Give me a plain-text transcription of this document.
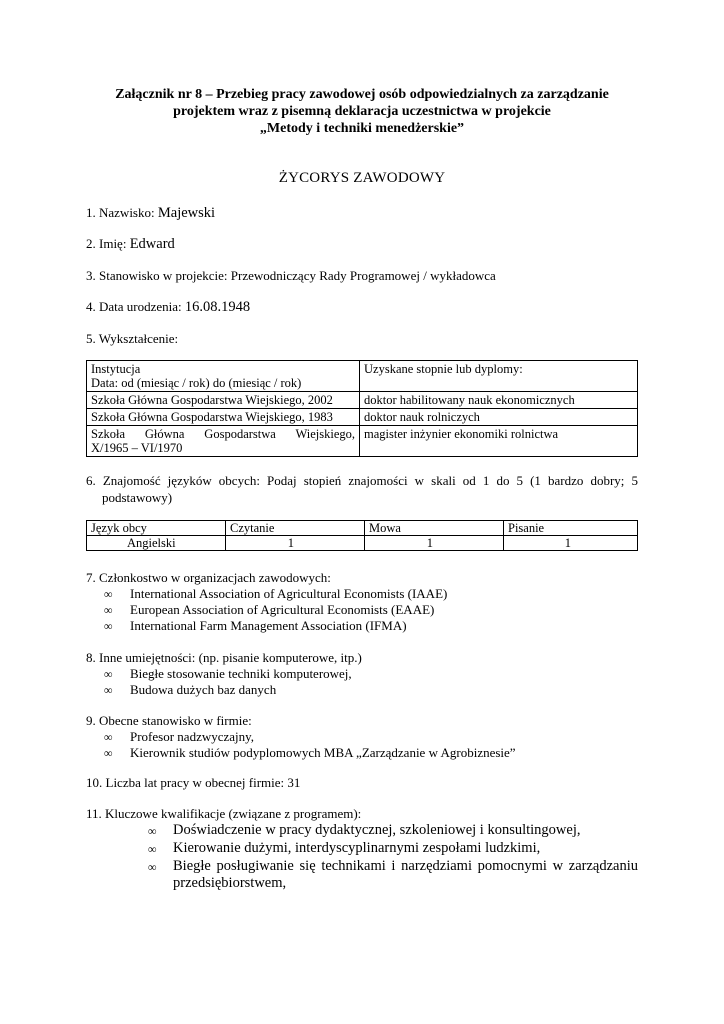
Załącznik nr 8 – Przebieg pracy zawodowej osób odpowiedzialnych za zarządzanie
projektem wraz z pisemną deklaracja uczestnictwa w projekcie
„Metody i techniki menedżerskie”
ŻYCORYS ZAWODOWY
1. Nazwisko: Majewski
2. Imię: Edward
3. Stanowisko w projekcie: Przewodniczący Rady Programowej / wykładowca
4. Data urodzenia: 16.08.1948
5. Wykształcenie:
Instytucja
Data: od (miesiąc / rok) do (miesiąc / rok)	Uzyskane stopnie lub dyplomy:
Szkoła Główna Gospodarstwa Wiejskiego, 2002	doktor habilitowany nauk ekonomicznych
Szkoła Główna Gospodarstwa Wiejskiego, 1983	doktor nauk rolniczych

Szkoła Główna Gospodarstwa Wiejskiego,
X/1965 – VI/1970	magister inżynier ekonomiki rolnictwa
6. Znajomość języków obcych: Podaj stopień znajomości w skali od 1 do 5 (1 bardzo dobry; 5
podstawowy)
Język obcy	Czytanie	Mowa	Pisanie
Angielski	1	1	1
7. Członkostwo w organizacjach zawodowych:
∞ International Association of Agricultural Economists (IAAE)
∞ European Association of Agricultural Economists (EAAE)
∞ International Farm Management Association (IFMA)
8. Inne umiejętności: (np. pisanie komputerowe, itp.)
∞ Biegłe stosowanie techniki komputerowej,
∞ Budowa dużych baz danych
9. Obecne stanowisko w firmie:
∞ Profesor nadzwyczajny,
∞ Kierownik studiów podyplomowych MBA „Zarządzanie w Agrobiznesie”
10. Liczba lat pracy w obecnej firmie: 31
11. Kluczowe kwalifikacje (związane z programem):
∞	Doświadczenie w pracy dydaktycznej, szkoleniowej i konsultingowej,
∞	Kierowanie dużymi, interdyscyplinarnymi zespołami ludzkimi,
∞	Biegłe posługiwanie się technikami i narzędziami pomocnymi w zarządzaniu przedsiębiorstwem,
